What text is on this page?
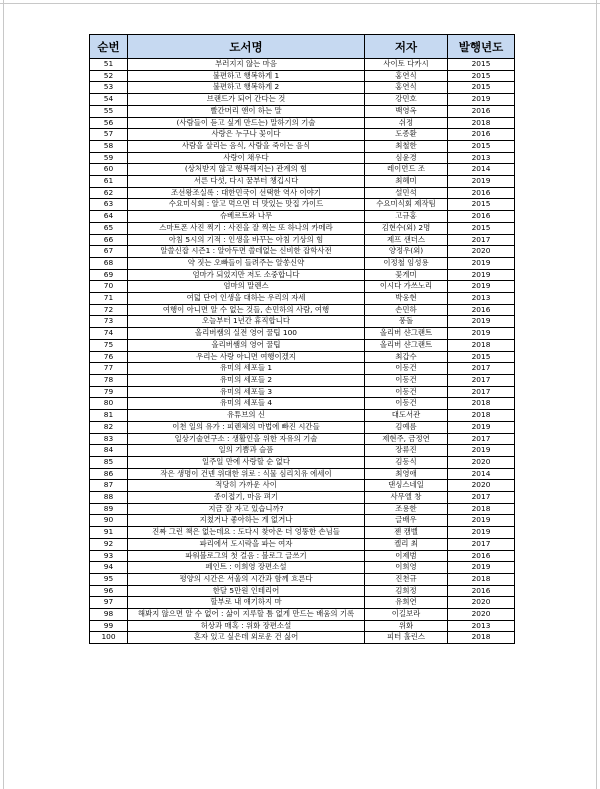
순번	도서명	저자	발행년도
51	부러지지 않는 마음	사이토 다카시	2015
52	불편하고 행복하게 1	홍연식	2015
53	불편하고 행복하게 2	홍연식	2015
54	브랜드가 되어 간다는 것	강민호	2019
55	빨간머리 앤이 하는 말	백영옥	2016
56	(사람들이 듣고 싶게 만드는) 말하기의 기술	쉬정	2018
57	사랑은 누구나 꽃이다	도종환	2016
58	사람을 살리는 음식, 사람을 죽이는 음식	최철한	2015
59	사랑이 채우다	심윤경	2013
60	(상처받지 않고 행복해지는) 관계의 힘	레이먼드 조	2014
61	서른 다섯, 다시 꿈부터 챙깁시다	최혜미	2019
62	조선왕조실록 : 대한민국이 선택한 역사 이야기	설민석	2016
63	수요미식회 : 알고 먹으면 더 맛있는 맛집 가이드	수요미식회 제작팀	2015
64	슈베르트와 나무	고규홍	2016
65	스마트폰 사진 찍기 : 사진을 잘 찍는 또 하나의 카메라	김현수(외) 2명	2015
66	아침 5시의 기적 : 인생을 바꾸는 아침 기상의 힘	제프 샌더스	2017
67	알쓸신잡 시즌1 : 알아두면 쓸데없는 신비한 잡학사전	양정우(외)	2020
68	약 짓는 오빠들이 들려주는 알쏭신약	이정철 임성용	2019
69	엄마가 되었지만 저도 소중합니다	꽃게미	2019
70	엄마의 말렌스	이시다 가쓰노리	2019
71	여덟 단어 인생을 대하는 우리의 자세	박웅현	2013
72	여행이 아니면 알 수 없는 것들, 손민하의 사람, 여행	손민하	2016
73	오늘부터 1년간 휴직합니다	풍돌	2019
74	올리버쌤의 실전 영어 꿀팁 100	올리버 샨그랜트	2019
75	올리버쌤의 영어 꿀팁	올리버 샨그랜트	2018
76	우리는 사랑 아니면 여행이겠지	최갑수	2015
77	유미의 세포들 1	이동건	2017
78	유미의 세포들 2	이동건	2017
79	유미의 세포들 3	이동건	2017
80	유미의 세포들 4	이동건	2018
81	유튜브의 신	대도서관	2018
82	이천 일의 유가 : 피렌체의 마법에 빠진 시간들	김예름	2019
83	일상기술연구소 : 생활인을 위한 자유의 기술	제현주, 금정연	2017
84	일의 기쁨과 슬픔	장류진	2019
85	일주일 만에 사랑할 순 없다	김동식	2020
86	작은 생명이 건넨 위대한 위로 : 식물 심리치유 에세이	최영애	2014
87	적당히 가까운 사이	댄싱스네일	2020
88	종이접기, 마음 펴기	사무엘 창	2017
89	지금 잘 자고 있습니까?	조용한	2018
90	지쳤거나 좋아하는 게 없거나	글배우	2019
91	진짜 그런 책은 없는데요 : 도다시 찾아온 더 엉뚱한 손님들	젠 캠벨	2019
92	파리에서 도시락을 파는 여자	켈리 최	2017
93	파워블로그의 첫 걸음 : 블로그 글쓰기	이제범	2016
94	페인트 : 이희영 장편소설	이희영	2019
95	평양의 시간은 서울의 시간과 함께 흐른다	진천규	2018
96	한달 5만원 인테리어	김희정	2016
97	할부로 내 얘기하지 마	유희연	2020
98	해봐지 않으면 알 수 없어 : 삶이 지루할 틈 없게 만드는 배움의 기록	이길보라	2020
99	허상과 매혹 : 위화 장편소설	위화	2013
100	혼자 있고 싶은데 외로운 건 싫어	피터 홀린스	2018
